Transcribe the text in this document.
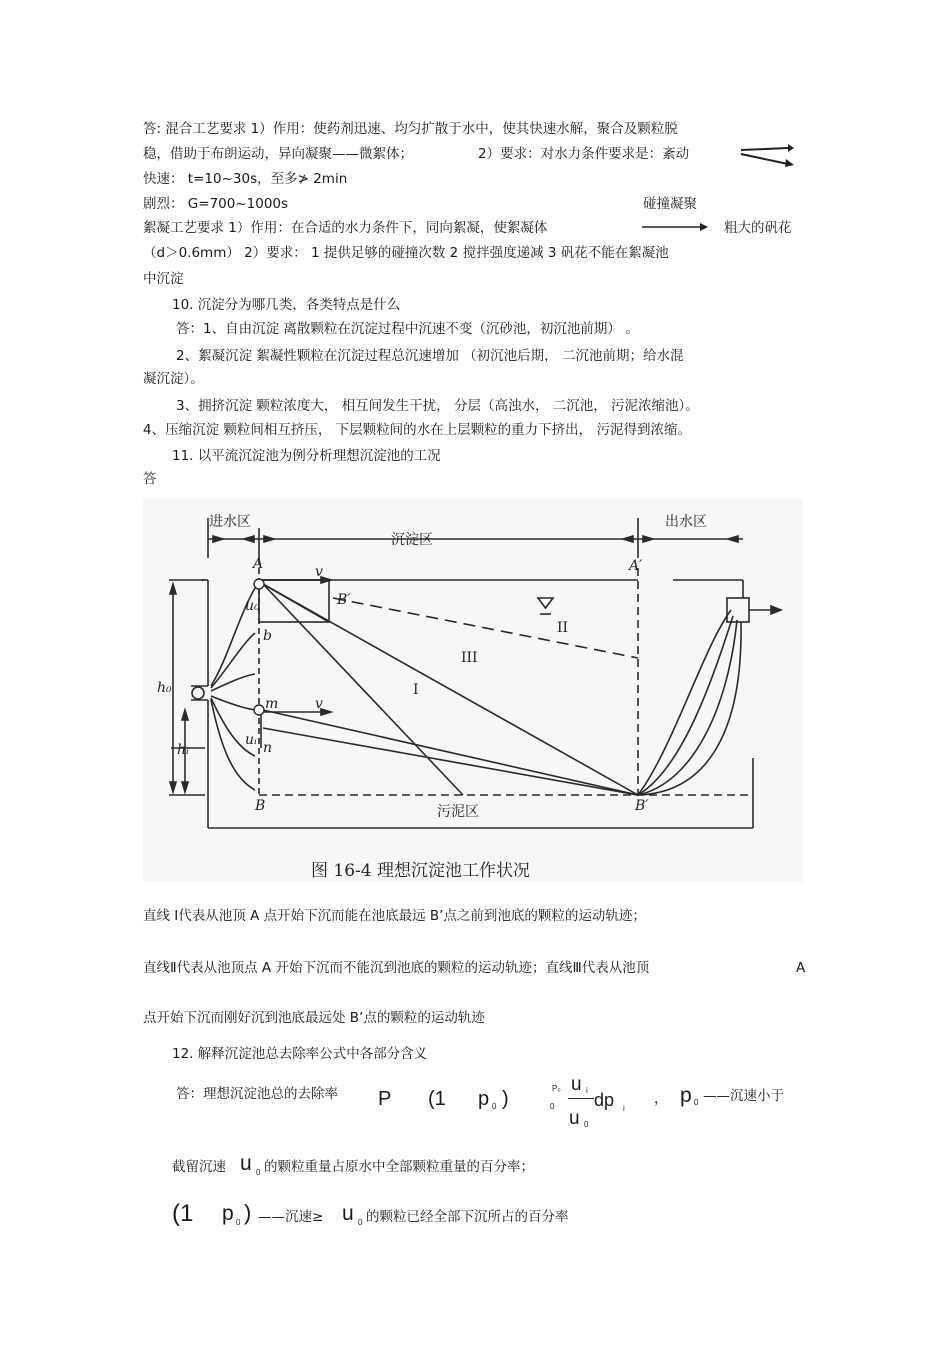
答: 混合工艺要求 1）作用：使药剂迅速、均匀扩散于水中，使其快速水解，聚合及颗粒脱
稳，借助于布朗运动，异向凝聚——微絮体；	2）要求：对水力条件要求是：紊动
快速： t=10~30s，至多≯ 2min
剧烈： G=700~1000s	碰撞凝聚
絮凝工艺要求 1）作用：在合适的水力条件下，同向絮凝，使絮凝体	粗大的矾花
（d＞0.6mm） 2）要求： 1 提供足够的碰撞次数 2 搅拌强度递减 3 矾花不能在絮凝池
中沉淀
10. 沉淀分为哪几类，各类特点是什么
答：1、自由沉淀 离散颗粒在沉淀过程中沉速不变（沉砂池，初沉池前期） 。
2、絮凝沉淀 絮凝性颗粒在沉淀过程总沉速增加 （初沉池后期， 二沉池前期；给水混
凝沉淀）。
3、拥挤沉淀 颗粒浓度大， 相互间发生干扰， 分层（高浊水， 二沉池， 污泥浓缩池）。
4、压缩沉淀 颗粒间相互挤压， 下层颗粒间的水在上层颗粒的重力下挤出， 污泥得到浓缩。
11. 以平流沉淀池为例分析理想沉淀池的工况
答
进水区
沉淀区
出水区
污泥区
A	A′
B	B′
B′
b
m
n
u₀
uᵢ
v
v
h₀
hᵢ
I
II
III
图 16-4 理想沉淀池工作状况
直线 Ⅰ代表从池顶 A 点开始下沉而能在池底最远 B’点之前到池底的颗粒的运动轨迹；
直线Ⅱ代表从池顶点 A 开始下沉而不能沉到池底的颗粒的运动轨迹；直线Ⅲ代表从池顶	A
点开始下沉而刚好沉到池底最远处 B’点的颗粒的运动轨迹
12. 解释沉淀池总去除率公式中各部分含义
答：理想沉淀池总的去除率 P (1 p 0 )	P₀
0
u i
u 0
dp i
， p 0 ——沉速小于
截留沉速 u 0 的颗粒重量占原水中全部颗粒重量的百分率；
(1 p 0 ) ——沉速≥ u 0 的颗粒已经全部下沉所占的百分率
